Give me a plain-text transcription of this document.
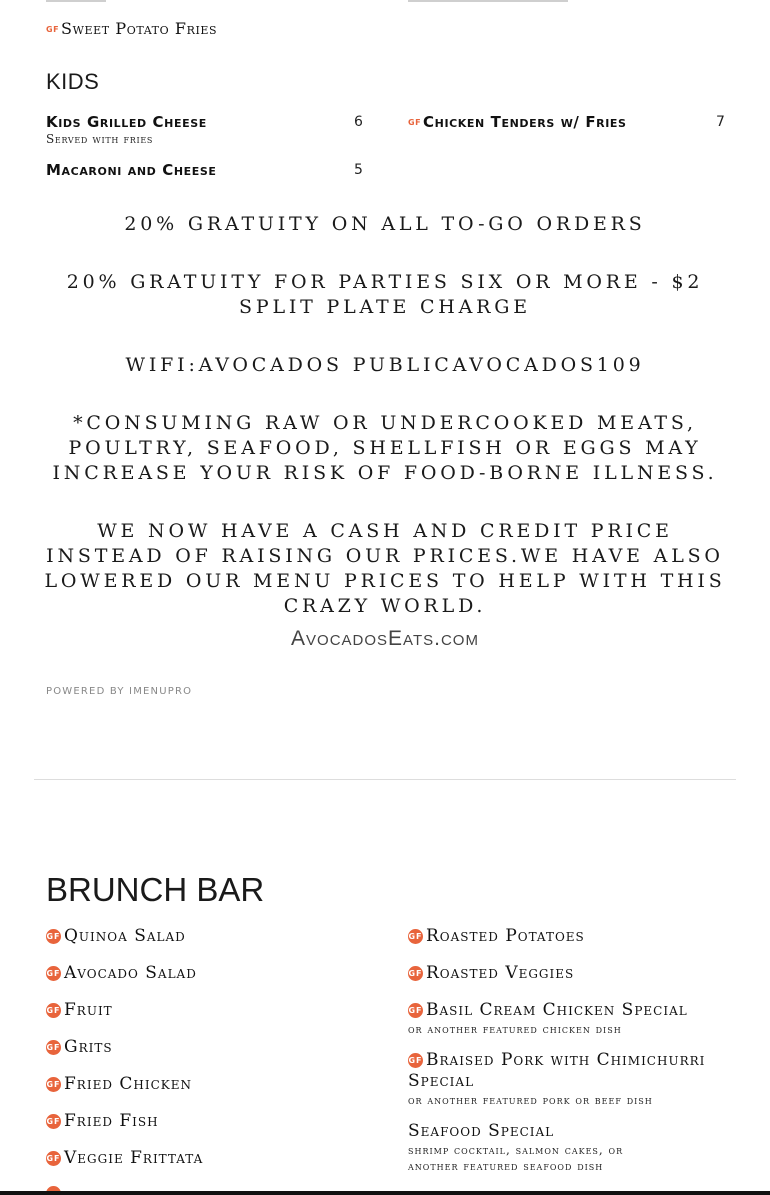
GF Sweet Potato Fries
KIDS
Kids Grilled Cheese	6
Served with fries
GF Chicken Tenders w/ Fries	7
Macaroni and Cheese	5
20% GRATUITY ON ALL TO-GO ORDERS
20% GRATUITY FOR PARTIES SIX OR MORE - $2 SPLIT PLATE CHARGE
WIFI:AVOCADOS PUBLICAVOCADOS109
*CONSUMING RAW OR UNDERCOOKED MEATS, POULTRY, SEAFOOD, SHELLFISH OR EGGS MAY INCREASE YOUR RISK OF FOOD-BORNE ILLNESS.
WE NOW HAVE A CASH AND CREDIT PRICE INSTEAD OF RAISING OUR PRICES.WE HAVE ALSO LOWERED OUR MENU PRICES TO HELP WITH THIS CRAZY WORLD.
AvocadosEats.com
POWERED BY IMENUPRO
BRUNCH BAR
GF Quinoa Salad
GF Avocado Salad
GF Fruit
GF Grits
GF Fried Chicken
GF Fried Fish
GF Veggie Frittata
GF Roasted Potatoes
GF Roasted Veggies
GF Basil Cream Chicken Special
or another featured chicken dish
GF Braised Pork with Chimichurri Special
or another featured pork or beef dish
Seafood Special
shrimp cocktail, salmon cakes, or another featured seafood dish
